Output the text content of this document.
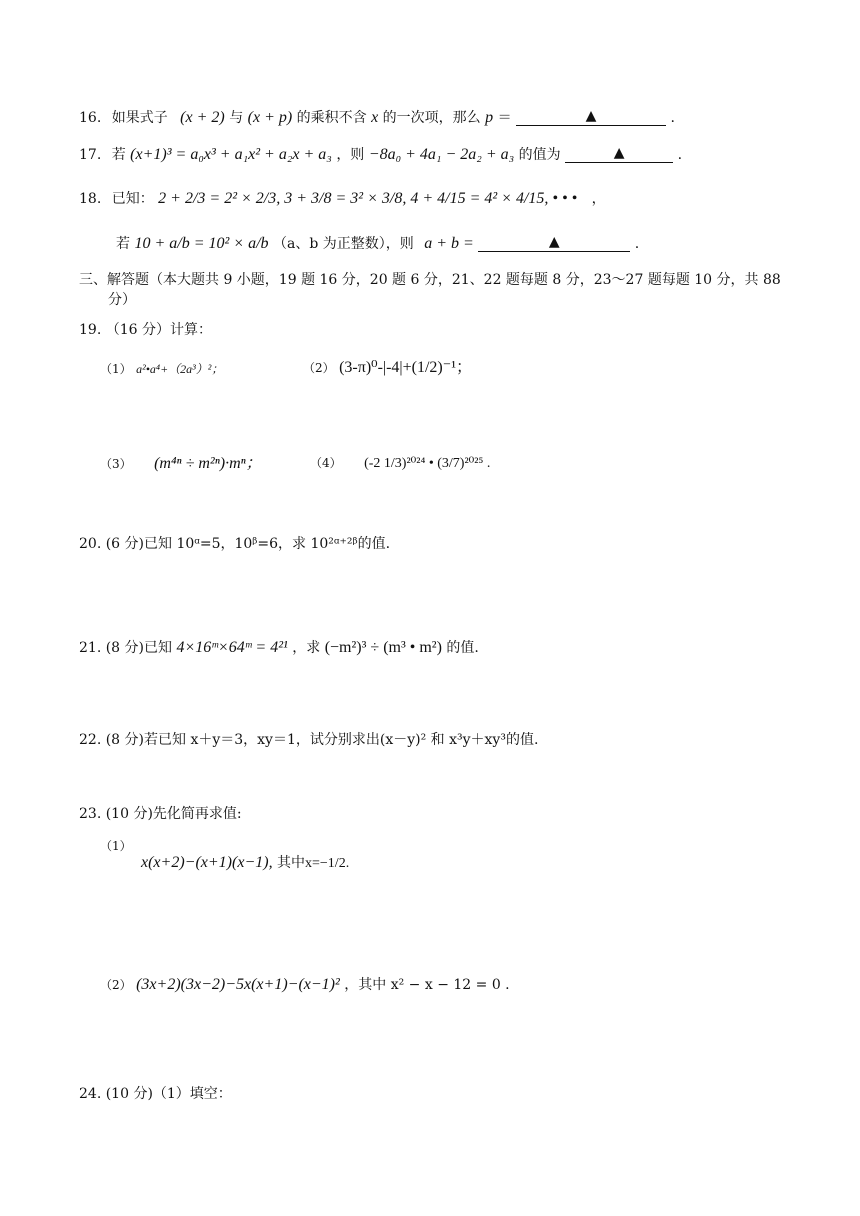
16. 如果式子 (x + 2) 与 (x + p) 的乘积不含 x 的一次项，那么 p ＝	▲	.
17. 若 (x+1)³ = a₀x³ + a₁x² + a₂x + a₃ ，则 −8a₀ + 4a₁ − 2a₂ + a₃ 的值为	▲	.
18. 已知： 2 + 2/3 = 2² × 2/3, 3 + 3/8 = 3² × 3/8, 4 + 4/15 = 4² × 4/15, • • • ，
若 10 + a/b = 10² × a/b （a、b 为正整数），则 a + b =	▲	.
三、解答题（本大题共 9 小题，19 题 16 分，20 题 6 分，21、22 题每题 8 分，23～27 题每题 10 分，共 88
分）
19. （16 分）计算：
（1） a²•a⁴+（2a³）²；	（2） (3-π)⁰-|-4|+(1/2)⁻¹；
（3） (m⁴ⁿ ÷ m²ⁿ)·mⁿ；	（4） (-2 1/3)²⁰²⁴ • (3/7)²⁰²⁵ .
20. (6 分)已知 10ᵅ=5，10ᵝ=6，求 10²ᵅ⁺²ᵝ的值.
21. (8 分)已知 4×16ᵐ×64ᵐ = 4²¹ ，求 (−m²)³ ÷ (m³ • m²) 的值.
22. (8 分)若已知 x＋y＝3，xy＝1，试分别求出(x－y)² 和 x³y＋xy³的值.
23. (10 分)先化简再求值:
（1）
x(x+2)−(x+1)(x−1), 其中x=−1/2.
（2） (3x+2)(3x−2)−5x(x+1)−(x−1)² ，其中 x² − x − 12 = 0 .
24. (10 分)（1）填空：
